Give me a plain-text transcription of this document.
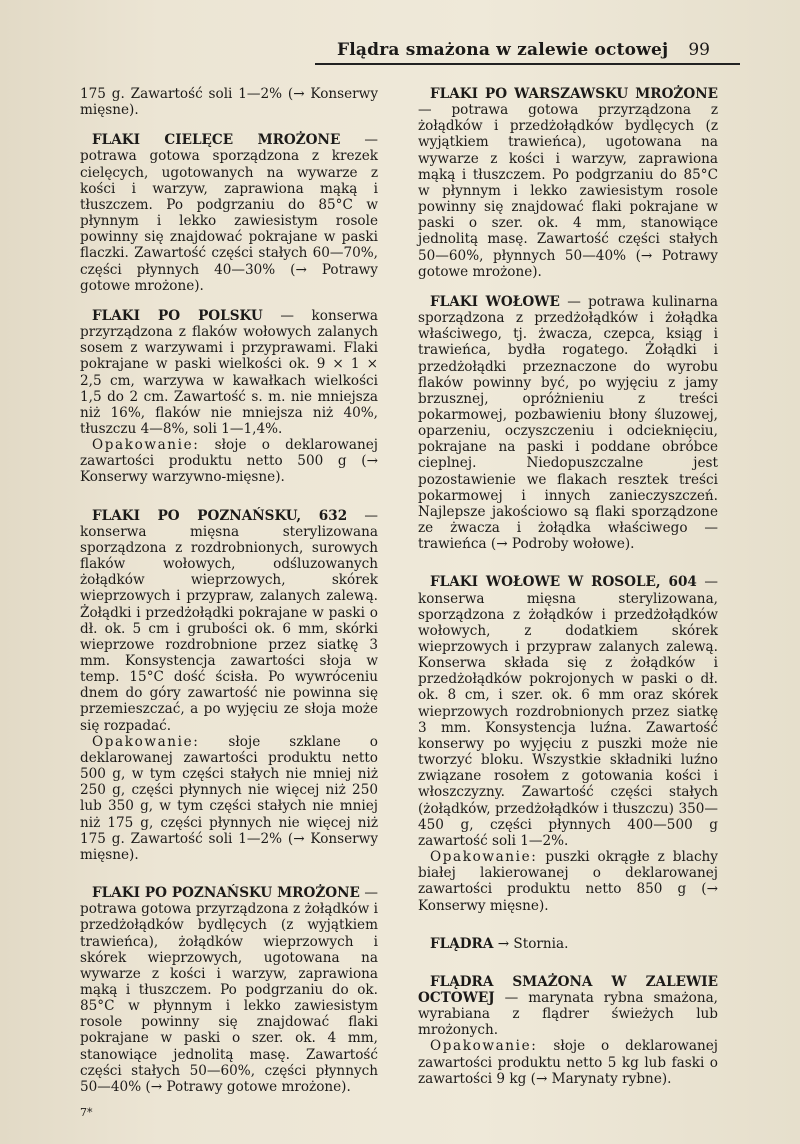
Flądra smażona w zalewie octowej 99

175 g. Zawartość soli 1—2% (→ Konserwy mięsne).

FLAKI CIELĘCE MROŻONE — potrawa gotowa sporządzona z krezek cielęcych, ugotowanych na wywarze z kości i warzyw, zaprawiona mąką i tłuszczem. Po podgrzaniu do 85°C w płynnym i lekko zawiesistym rosole powinny się znajdować pokrajane w paski flaczki. Zawartość części stałych 60—70%, części płynnych 40—30% (→ Potrawy gotowe mrożone).

FLAKI PO POLSKU — konserwa przyrządzona z flaków wołowych zalanych sosem z warzywami i przyprawami. Flaki pokrajane w paski wielkości ok. 9 × 1 × 2,5 cm, warzywa w kawałkach wielkości 1,5 do 2 cm. Zawartość s. m. nie mniejsza niż 16%, flaków nie mniejsza niż 40%, tłuszczu 4—8%, soli 1—1,4%.

Opakowanie: słoje o deklarowanej zawartości produktu netto 500 g (→ Konserwy warzywno-mięsne).

FLAKI PO POZNAŃSKU, 632 — konserwa mięsna sterylizowana sporządzona z rozdrobnionych, surowych flaków wołowych, odśluzowanych żołądków wieprzowych, skórek wieprzowych i przypraw, zalanych zalewą. Żołądki i przedżołądki pokrajane w paski o dł. ok. 5 cm i grubości ok. 6 mm, skórki wieprzowe rozdrobnione przez siatkę 3 mm. Konsystencja zawartości słoja w temp. 15°C dość ścisła. Po wywróceniu dnem do góry zawartość nie powinna się przemieszczać, a po wyjęciu ze słoja może się rozpadać.

Opakowanie: słoje szklane o deklarowanej zawartości produktu netto 500 g, w tym części stałych nie mniej niż 250 g, części płynnych nie więcej niż 250 lub 350 g, w tym części stałych nie mniej niż 175 g, części płynnych nie więcej niż 175 g. Zawartość soli 1—2% (→ Konserwy mięsne).

FLAKI PO POZNAŃSKU MROŻONE — potrawa gotowa przyrządzona z żołądków i przedżołądków bydlęcych (z wyjątkiem trawieńca), żołądków wieprzowych i skórek wieprzowych, ugotowana na wywarze z kości i warzyw, zaprawiona mąką i tłuszczem. Po podgrzaniu do ok. 85°C w płynnym i lekko zawiesistym rosole powinny się znajdować flaki pokrajane w paski o szer. ok. 4 mm, stanowiące jednolitą masę. Zawartość części stałych 50—60%, części płynnych 50—40% (→ Potrawy gotowe mrożone).

FLAKI PO WARSZAWSKU MROŻONE — potrawa gotowa przyrządzona z żołądków i przedżołądków bydlęcych (z wyjątkiem trawieńca), ugotowana na wywarze z kości i warzyw, zaprawiona mąką i tłuszczem. Po podgrzaniu do 85°C w płynnym i lekko zawiesistym rosole powinny się znajdować flaki pokrajane w paski o szer. ok. 4 mm, stanowiące jednolitą masę. Zawartość części stałych 50—60%, płynnych 50—40% (→ Potrawy gotowe mrożone).

FLAKI WOŁOWE — potrawa kulinarna sporządzona z przedżołądków i żołądka właściwego, tj. żwacza, czepca, ksiąg i trawieńca, bydła rogatego. Żołądki i przedżołądki przeznaczone do wyrobu flaków powinny być, po wyjęciu z jamy brzusznej, opróżnieniu z treści pokarmowej, pozbawieniu błony śluzowej, oparzeniu, oczyszczeniu i odcieknięciu, pokrajane na paski i poddane obróbce cieplnej. Niedopuszczalne jest pozostawienie we flakach resztek treści pokarmowej i innych zanieczyszczeń. Najlepsze jakościowo są flaki sporządzone ze żwacza i żołądka właściwego — trawieńca (→ Podroby wołowe).

FLAKI WOŁOWE W ROSOLE, 604 — konserwa mięsna sterylizowana, sporządzona z żołądków i przedżołądków wołowych, z dodatkiem skórek wieprzowych i przypraw zalanych zalewą. Konserwa składa się z żołądków i przedżołądków pokrojonych w paski o dł. ok. 8 cm, i szer. ok. 6 mm oraz skórek wieprzowych rozdrobnionych przez siatkę 3 mm. Konsystencja luźna. Zawartość konserwy po wyjęciu z puszki może nie tworzyć bloku. Wszystkie składniki luźno związane rosołem z gotowania kości i włoszczyzny. Zawartość części stałych (żołądków, przedżołądków i tłuszczu) 350—450 g, części płynnych 400—500 g zawartość soli 1—2%.

Opakowanie: puszki okrągłe z blachy białej lakierowanej o deklarowanej zawartości produktu netto 850 g (→ Konserwy mięsne).

FLĄDRA → Stornia.

FLĄDRA SMAŻONA W ZALEWIE OCTOWEJ — marynata rybna smażona, wyrabiana z flądrer świeżych lub mrożonych.

Opakowanie: słoje o deklarowanej zawartości produktu netto 5 kg lub faski o zawartości 9 kg (→ Marynaty rybne).

7*
